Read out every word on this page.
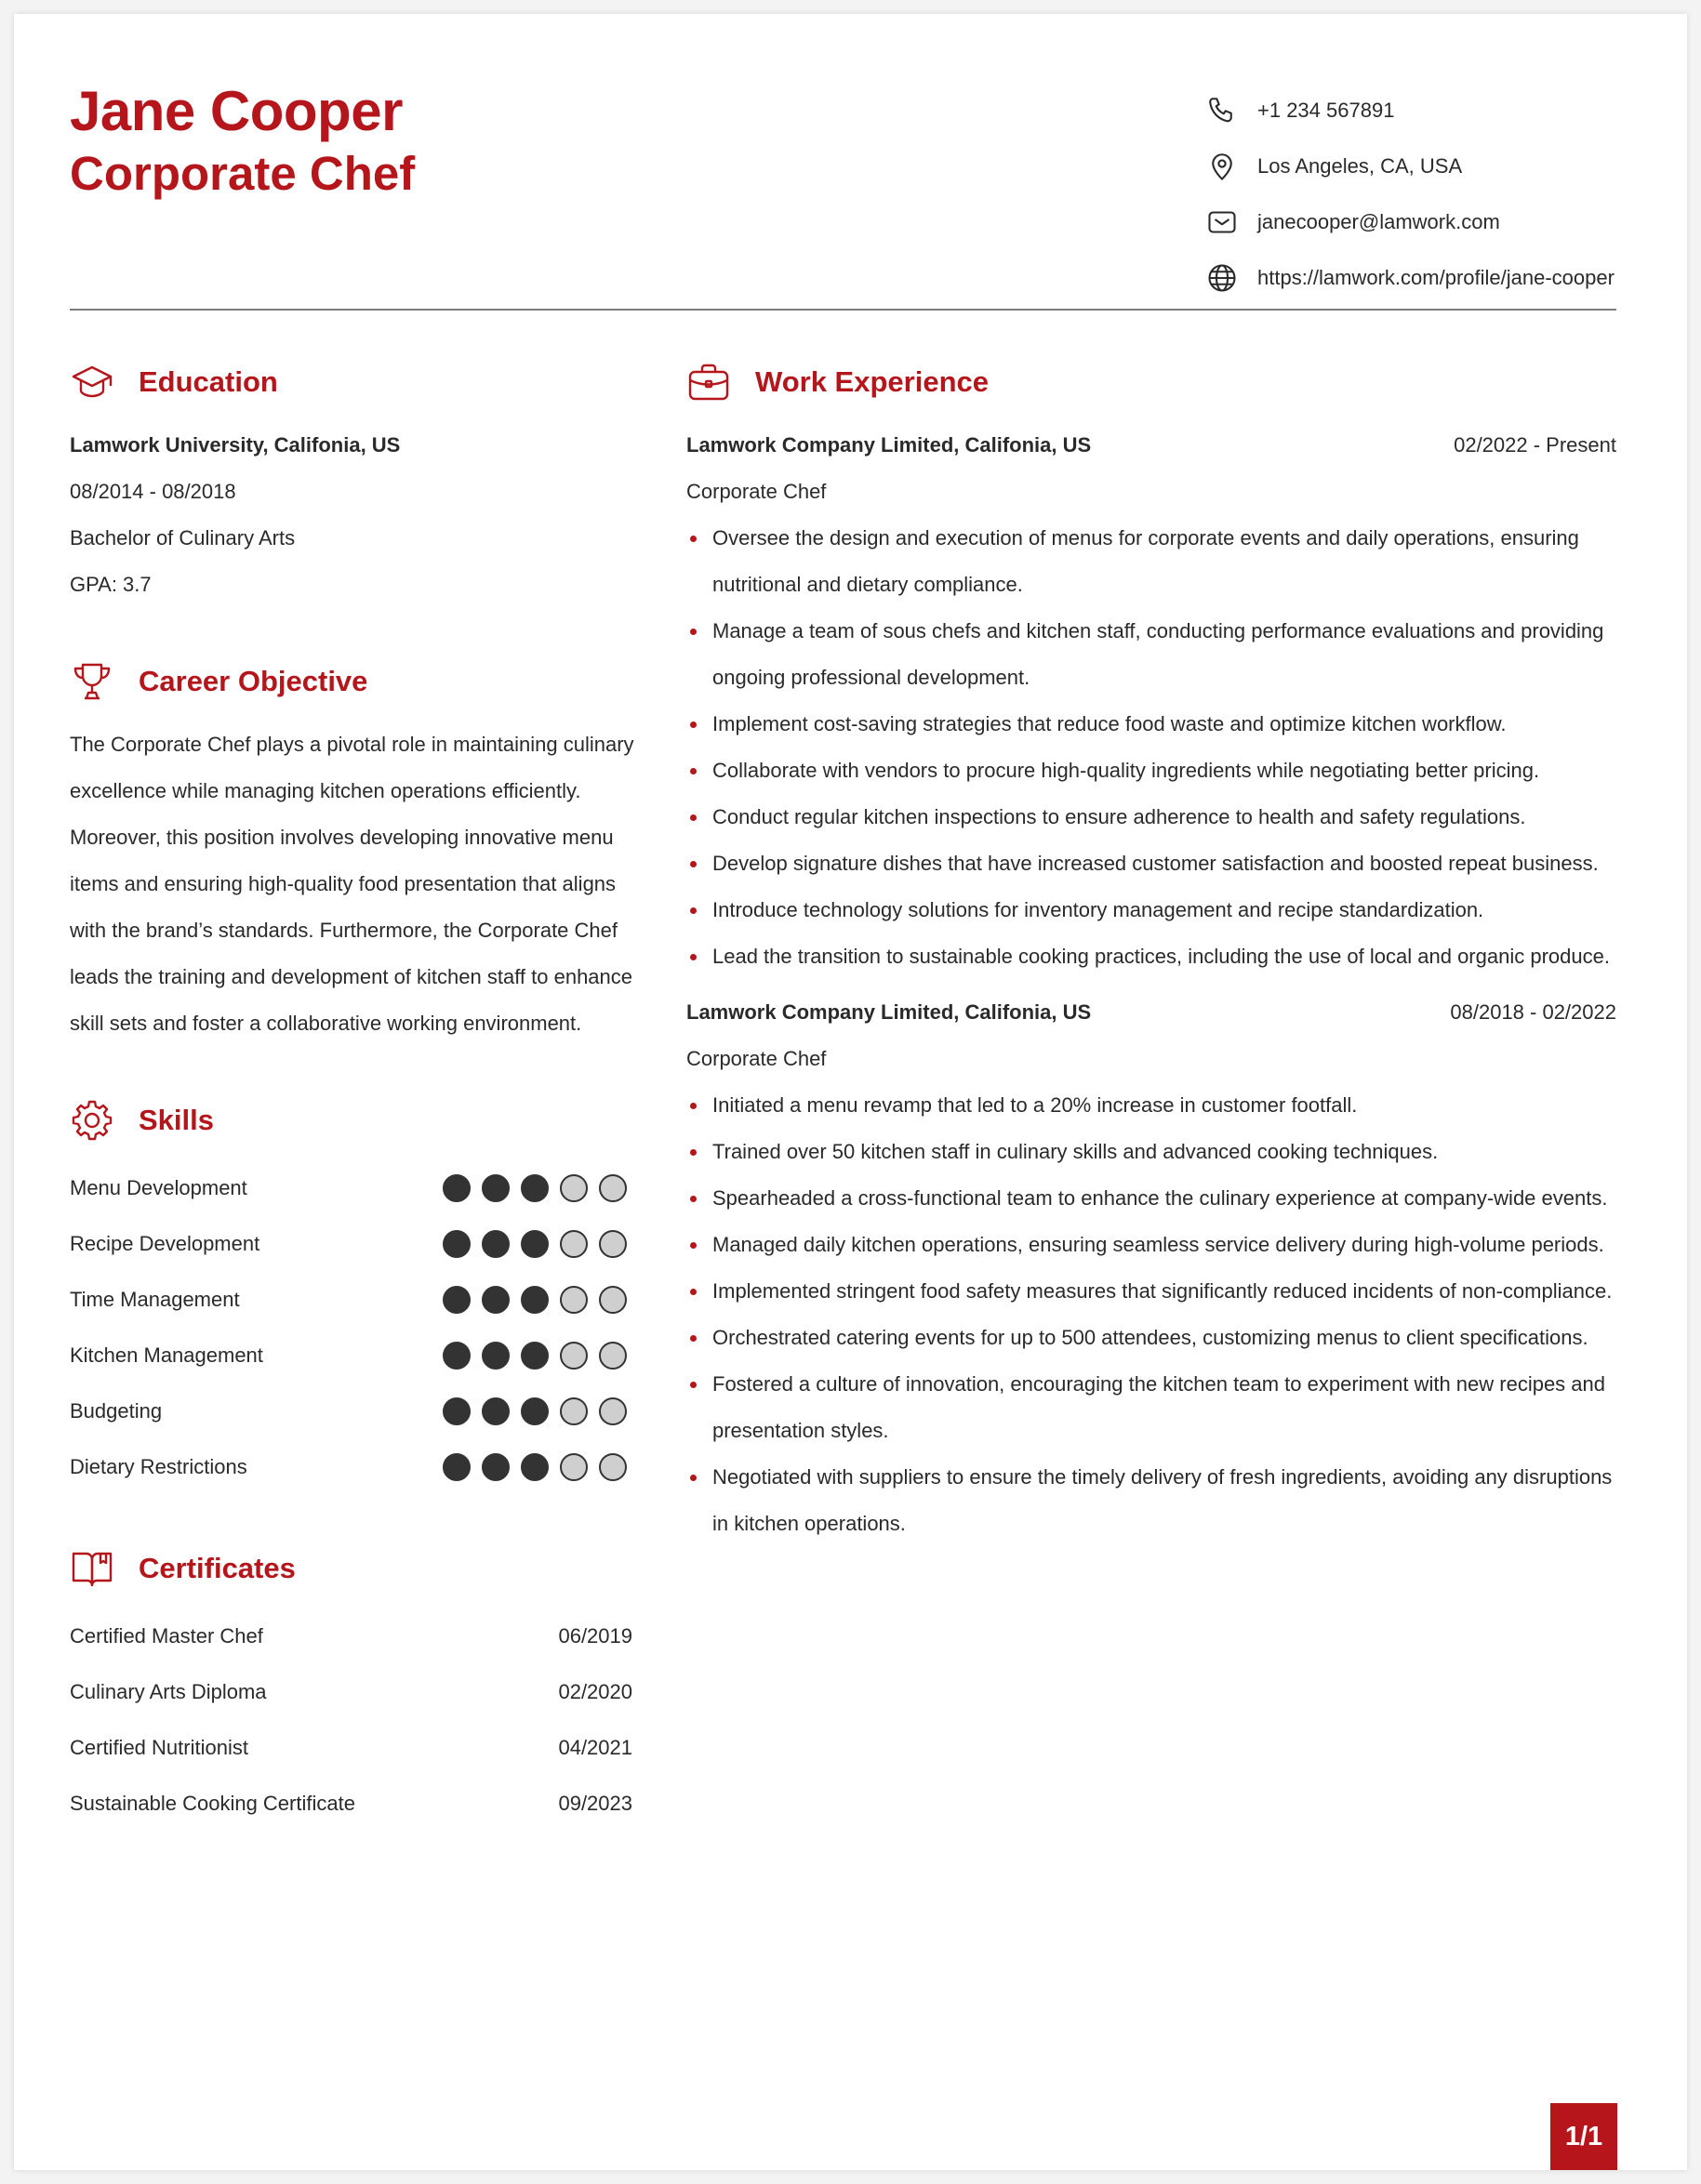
Jane Cooper
Corporate Chef
+1 234 567891
Los Angeles, CA, USA
janecooper@lamwork.com
https://lamwork.com/profile/jane-cooper
Education
Lamwork University, Califonia, US
08/2014 - 08/2018
Bachelor of Culinary Arts
GPA: 3.7
Career Objective
The Corporate Chef plays a pivotal role in maintaining culinary
excellence while managing kitchen operations efficiently.
Moreover, this position involves developing innovative menu
items and ensuring high-quality food presentation that aligns
with the brand’s standards. Furthermore, the Corporate Chef
leads the training and development of kitchen staff to enhance
skill sets and foster a collaborative working environment.
Skills
Menu Development
Recipe Development
Time Management
Kitchen Management
Budgeting
Dietary Restrictions
Certificates
Certified Master Chef	06/2019
Culinary Arts Diploma	02/2020
Certified Nutritionist	04/2021
Sustainable Cooking Certificate	09/2023
Work Experience
Lamwork Company Limited, Califonia, US	02/2022 - Present
Corporate Chef
Oversee the design and execution of menus for corporate events and daily operations, ensuring nutritional and dietary compliance.
Manage a team of sous chefs and kitchen staff, conducting performance evaluations and providing ongoing professional development.
Implement cost-saving strategies that reduce food waste and optimize kitchen workflow.
Collaborate with vendors to procure high-quality ingredients while negotiating better pricing.
Conduct regular kitchen inspections to ensure adherence to health and safety regulations.
Develop signature dishes that have increased customer satisfaction and boosted repeat business.
Introduce technology solutions for inventory management and recipe standardization.
Lead the transition to sustainable cooking practices, including the use of local and organic produce.
Lamwork Company Limited, Califonia, US	08/2018 - 02/2022
Corporate Chef
Initiated a menu revamp that led to a 20% increase in customer footfall.
Trained over 50 kitchen staff in culinary skills and advanced cooking techniques.
Spearheaded a cross-functional team to enhance the culinary experience at company-wide events.
Managed daily kitchen operations, ensuring seamless service delivery during high-volume periods.
Implemented stringent food safety measures that significantly reduced incidents of non-compliance.
Orchestrated catering events for up to 500 attendees, customizing menus to client specifications.
Fostered a culture of innovation, encouraging the kitchen team to experiment with new recipes and presentation styles.
Negotiated with suppliers to ensure the timely delivery of fresh ingredients, avoiding any disruptions in kitchen operations.
1/1
